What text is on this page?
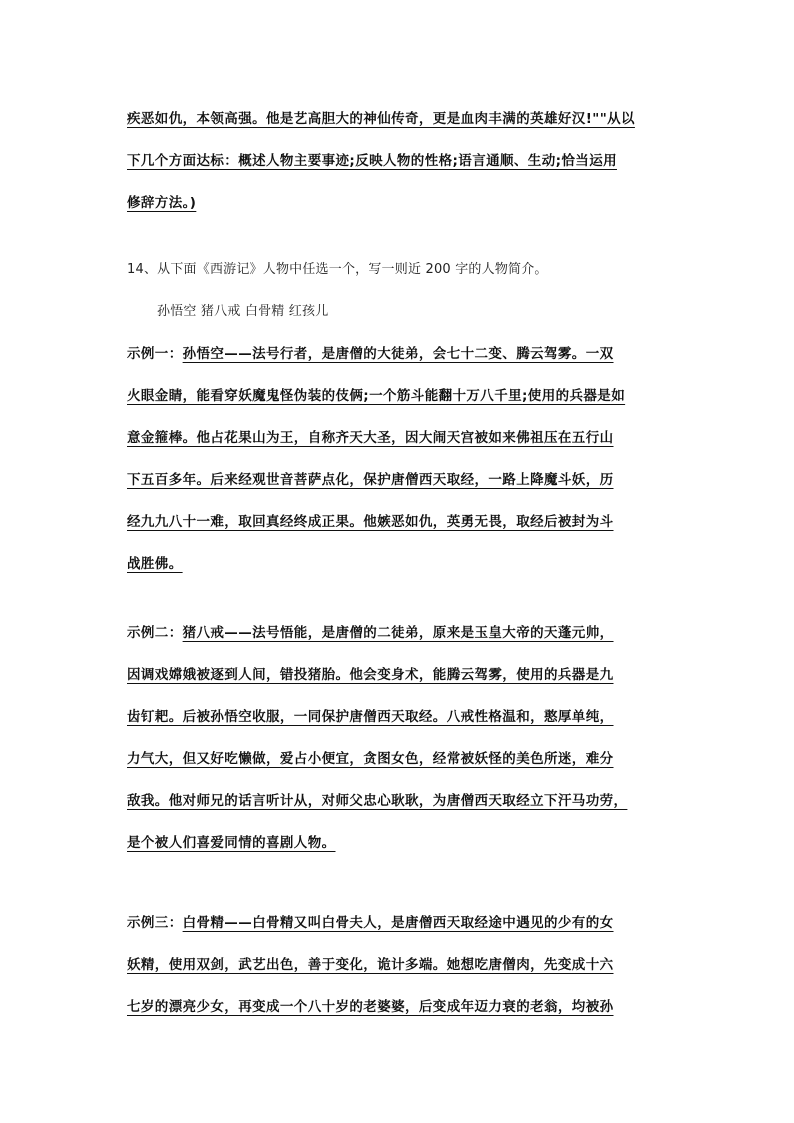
疾恶如仇，本领高强。他是艺高胆大的神仙传奇，更是血肉丰满的英雄好汉!""从以
下几个方面达标：概述人物主要事迹;反映人物的性格;语言通顺、生动;恰当运用
修辞方法。)
14、从下面《西游记》人物中任选一个，写一则近 200 字的人物简介。
孙悟空 猪八戒 白骨精 红孩儿
示例一：孙悟空——法号行者，是唐僧的大徒弟，会七十二变、腾云驾雾。一双
火眼金睛，能看穿妖魔鬼怪伪装的伎俩;一个筋斗能翻十万八千里;使用的兵器是如
意金箍棒。他占花果山为王，自称齐天大圣，因大闹天宫被如来佛祖压在五行山
下五百多年。后来经观世音菩萨点化，保护唐僧西天取经，一路上降魔斗妖，历
经九九八十一难，取回真经终成正果。他嫉恶如仇，英勇无畏，取经后被封为斗
战胜佛。
示例二：猪八戒——法号悟能，是唐僧的二徒弟，原来是玉皇大帝的天蓬元帅，
因调戏嫦娥被逐到人间，错投猪胎。他会变身术，能腾云驾雾，使用的兵器是九
齿钉耙。后被孙悟空收服，一同保护唐僧西天取经。八戒性格温和，憨厚单纯，
力气大，但又好吃懒做，爱占小便宜，贪图女色，经常被妖怪的美色所迷，难分
敌我。他对师兄的话言听计从，对师父忠心耿耿，为唐僧西天取经立下汗马功劳，
是个被人们喜爱同情的喜剧人物。
示例三：白骨精——白骨精又叫白骨夫人，是唐僧西天取经途中遇见的少有的女
妖精，使用双剑，武艺出色，善于变化，诡计多端。她想吃唐僧肉，先变成十六
七岁的漂亮少女，再变成一个八十岁的老婆婆，后变成年迈力衰的老翁，均被孙
